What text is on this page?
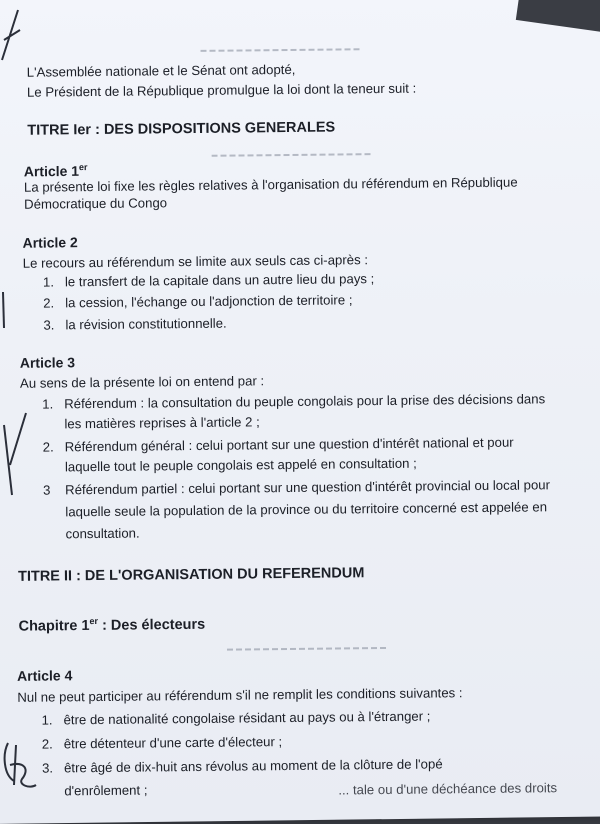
L'Assemblée nationale et le Sénat ont adopté,
Le Président de la République promulgue la loi dont la teneur suit :
TITRE Ier : DES DISPOSITIONS GENERALES
Article 1er
La présente loi fixe les règles relatives à l'organisation du référendum en République
Démocratique du Congo
Article 2
Le recours au référendum se limite aux seuls cas ci-après :
1. le transfert de la capitale dans un autre lieu du pays ;
2. la cession, l'échange ou l'adjonction de territoire ;
3. la révision constitutionnelle.
Article 3
Au sens de la présente loi on entend par :
1. Référendum : la consultation du peuple congolais pour la prise des décisions dans
les matières reprises à l'article 2 ;
2. Référendum général : celui portant sur une question d'intérêt national et pour
laquelle tout le peuple congolais est appelé en consultation ;
3 Référendum partiel : celui portant sur une question d'intérêt provincial ou local pour
laquelle seule la population de la province ou du territoire concerné est appelée en
consultation.
TITRE II : DE L'ORGANISATION DU REFERENDUM
Chapitre 1er : Des électeurs
Article 4
Nul ne peut participer au référendum s'il ne remplit les conditions suivantes :
1. être de nationalité congolaise résidant au pays ou à l'étranger ;
2. être détenteur d'une carte d'électeur ;
3. être âgé de dix-huit ans révolus au moment de la clôture de l'opé
d'enrôlement ;	... tale ou d'une déchéance des droits
